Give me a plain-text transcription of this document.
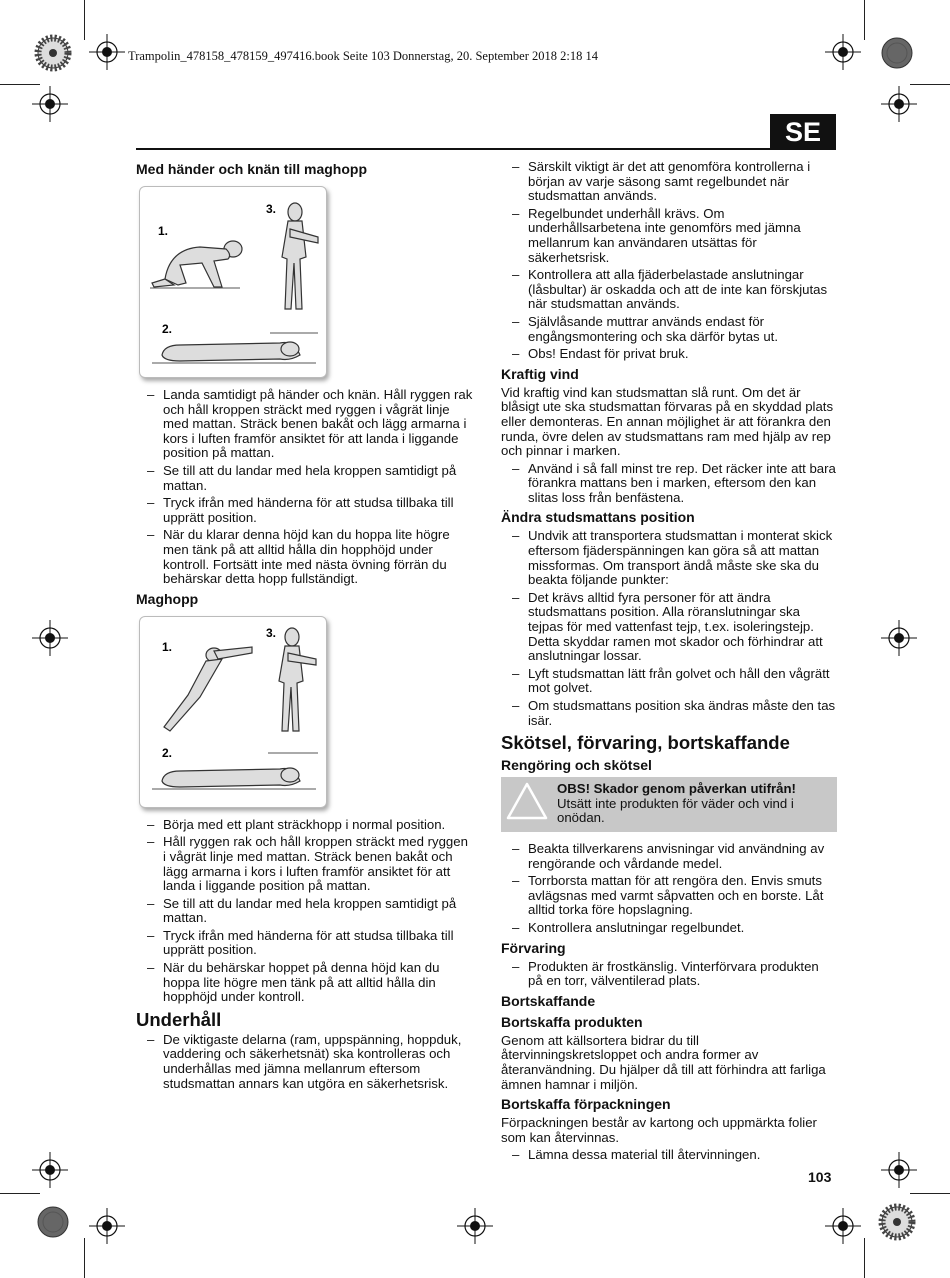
Trampolin_478158_478159_497416.book Seite 103 Donnerstag, 20. September 2018 2:18 14
SE
Med händer och knän till maghopp
1.
3.
2.
– Landa samtidigt på händer och knän. Håll ryggen rak och håll kroppen sträckt med ryggen i vågrät linje med mattan. Sträck benen bakåt och lägg armarna i kors i luften framför ansiktet för att landa i liggande position på mattan.
– Se till att du landar med hela kroppen samtidigt på mattan.
– Tryck ifrån med händerna för att studsa tillbaka till upprätt position.
– När du klarar denna höjd kan du hoppa lite högre men tänk på att alltid hålla din hopphöjd under kontroll. Fortsätt inte med nästa övning förrän du behärskar detta hopp fullständigt.
Maghopp
1.
3.
2.
– Börja med ett plant sträckhopp i normal position.
– Håll ryggen rak och håll kroppen sträckt med ryggen i vågrät linje med mattan. Sträck benen bakåt och lägg armarna i kors i luften framför ansiktet för att landa i liggande position på mattan.
– Se till att du landar med hela kroppen samtidigt på mattan.
– Tryck ifrån med händerna för att studsa tillbaka till upprätt position.
– När du behärskar hoppet på denna höjd kan du hoppa lite högre men tänk på att alltid hålla din hopphöjd under kontroll.
Underhåll
– De viktigaste delarna (ram, uppspänning, hoppduk, vaddering och säkerhetsnät) ska kontrolleras och underhållas med jämna mellanrum eftersom studsmattan annars kan utgöra en säkerhetsrisk.
– Särskilt viktigt är det att genomföra kontrollerna i början av varje säsong samt regelbundet när studsmattan används.
– Regelbundet underhåll krävs. Om underhållsarbetena inte genomförs med jämna mellanrum kan användaren utsättas för säkerhetsrisk.
– Kontrollera att alla fjäderbelastade anslutningar (låsbultar) är oskadda och att de inte kan förskjutas när studsmattan används.
– Självlåsande muttrar används endast för engångsmontering och ska därför bytas ut.
– Obs! Endast för privat bruk.
Kraftig vind
Vid kraftig vind kan studsmattan slå runt. Om det är blåsigt ute ska studsmattan förvaras på en skyddad plats eller demonteras. En annan möjlighet är att förankra den runda, övre delen av studsmattans ram med hjälp av rep och pinnar i marken.
– Använd i så fall minst tre rep. Det räcker inte att bara förankra mattans ben i marken, eftersom den kan slitas loss från benfästena.
Ändra studsmattans position
– Undvik att transportera studsmattan i monterat skick eftersom fjäderspänningen kan göra så att mattan missformas. Om transport ändå måste ske ska du beakta följande punkter:
– Det krävs alltid fyra personer för att ändra studsmattans position. Alla röranslutningar ska tejpas för med vattenfast tejp, t.ex. isoleringstejp. Detta skyddar ramen mot skador och förhindrar att anslutningar lossar.
– Lyft studsmattan lätt från golvet och håll den vågrätt mot golvet.
– Om studsmattans position ska ändras måste den tas isär.
Skötsel, förvaring, bortskaffande
Rengöring och skötsel
OBS! Skador genom påverkan utifrån!
Utsätt inte produkten för väder och vind i onödan.
– Beakta tillverkarens anvisningar vid användning av rengörande och vårdande medel.
– Torrborsta mattan för att rengöra den. Envis smuts avlägsnas med varmt såpvatten och en borste. Låt alltid torka före hopslagning.
– Kontrollera anslutningar regelbundet.
Förvaring
– Produkten är frostkänslig. Vinterförvara produkten på en torr, välventilerad plats.
Bortskaffande
Bortskaffa produkten
Genom att källsortera bidrar du till återvinningskretsloppet och andra former av återanvändning. Du hjälper då till att förhindra att farliga ämnen hamnar i miljön.
Bortskaffa förpackningen
Förpackningen består av kartong och uppmärkta folier som kan återvinnas.
– Lämna dessa material till återvinningen.
103
